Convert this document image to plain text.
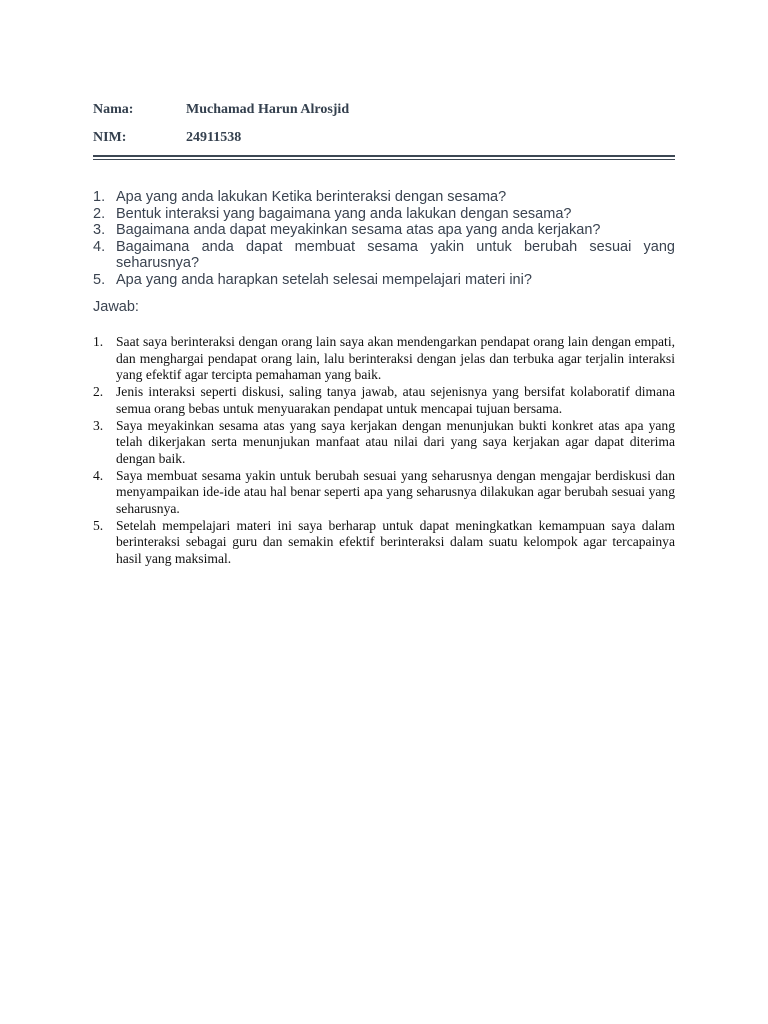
Nama:	Muchamad Harun Alrosjid
NIM:	24911538
1. Apa yang anda lakukan Ketika berinteraksi dengan sesama?
2. Bentuk interaksi yang bagaimana yang anda lakukan dengan sesama?
3. Bagaimana anda dapat meyakinkan sesama atas apa yang anda kerjakan?
4. Bagaimana anda dapat membuat sesama yakin untuk berubah sesuai yang seharusnya?
5. Apa yang anda harapkan setelah selesai mempelajari materi ini?
Jawab:
1. Saat saya berinteraksi dengan orang lain saya akan mendengarkan pendapat orang lain dengan empati, dan menghargai pendapat orang lain, lalu berinteraksi dengan jelas dan terbuka agar terjalin interaksi yang efektif agar tercipta pemahaman yang baik.
2. Jenis interaksi seperti diskusi, saling tanya jawab, atau sejenisnya yang bersifat kolaboratif dimana semua orang bebas untuk menyuarakan pendapat untuk mencapai tujuan bersama.
3. Saya meyakinkan sesama atas yang saya kerjakan dengan menunjukan bukti konkret atas apa yang telah dikerjakan serta menunjukan manfaat atau nilai dari yang saya kerjakan agar dapat diterima dengan baik.
4. Saya membuat sesama yakin untuk berubah sesuai yang seharusnya dengan mengajar berdiskusi dan menyampaikan ide-ide atau hal benar seperti apa yang seharusnya dilakukan agar berubah sesuai yang seharusnya.
5. Setelah mempelajari materi ini saya berharap untuk dapat meningkatkan kemampuan saya dalam berinteraksi sebagai guru dan semakin efektif berinteraksi dalam suatu kelompok agar tercapainya hasil yang maksimal.
